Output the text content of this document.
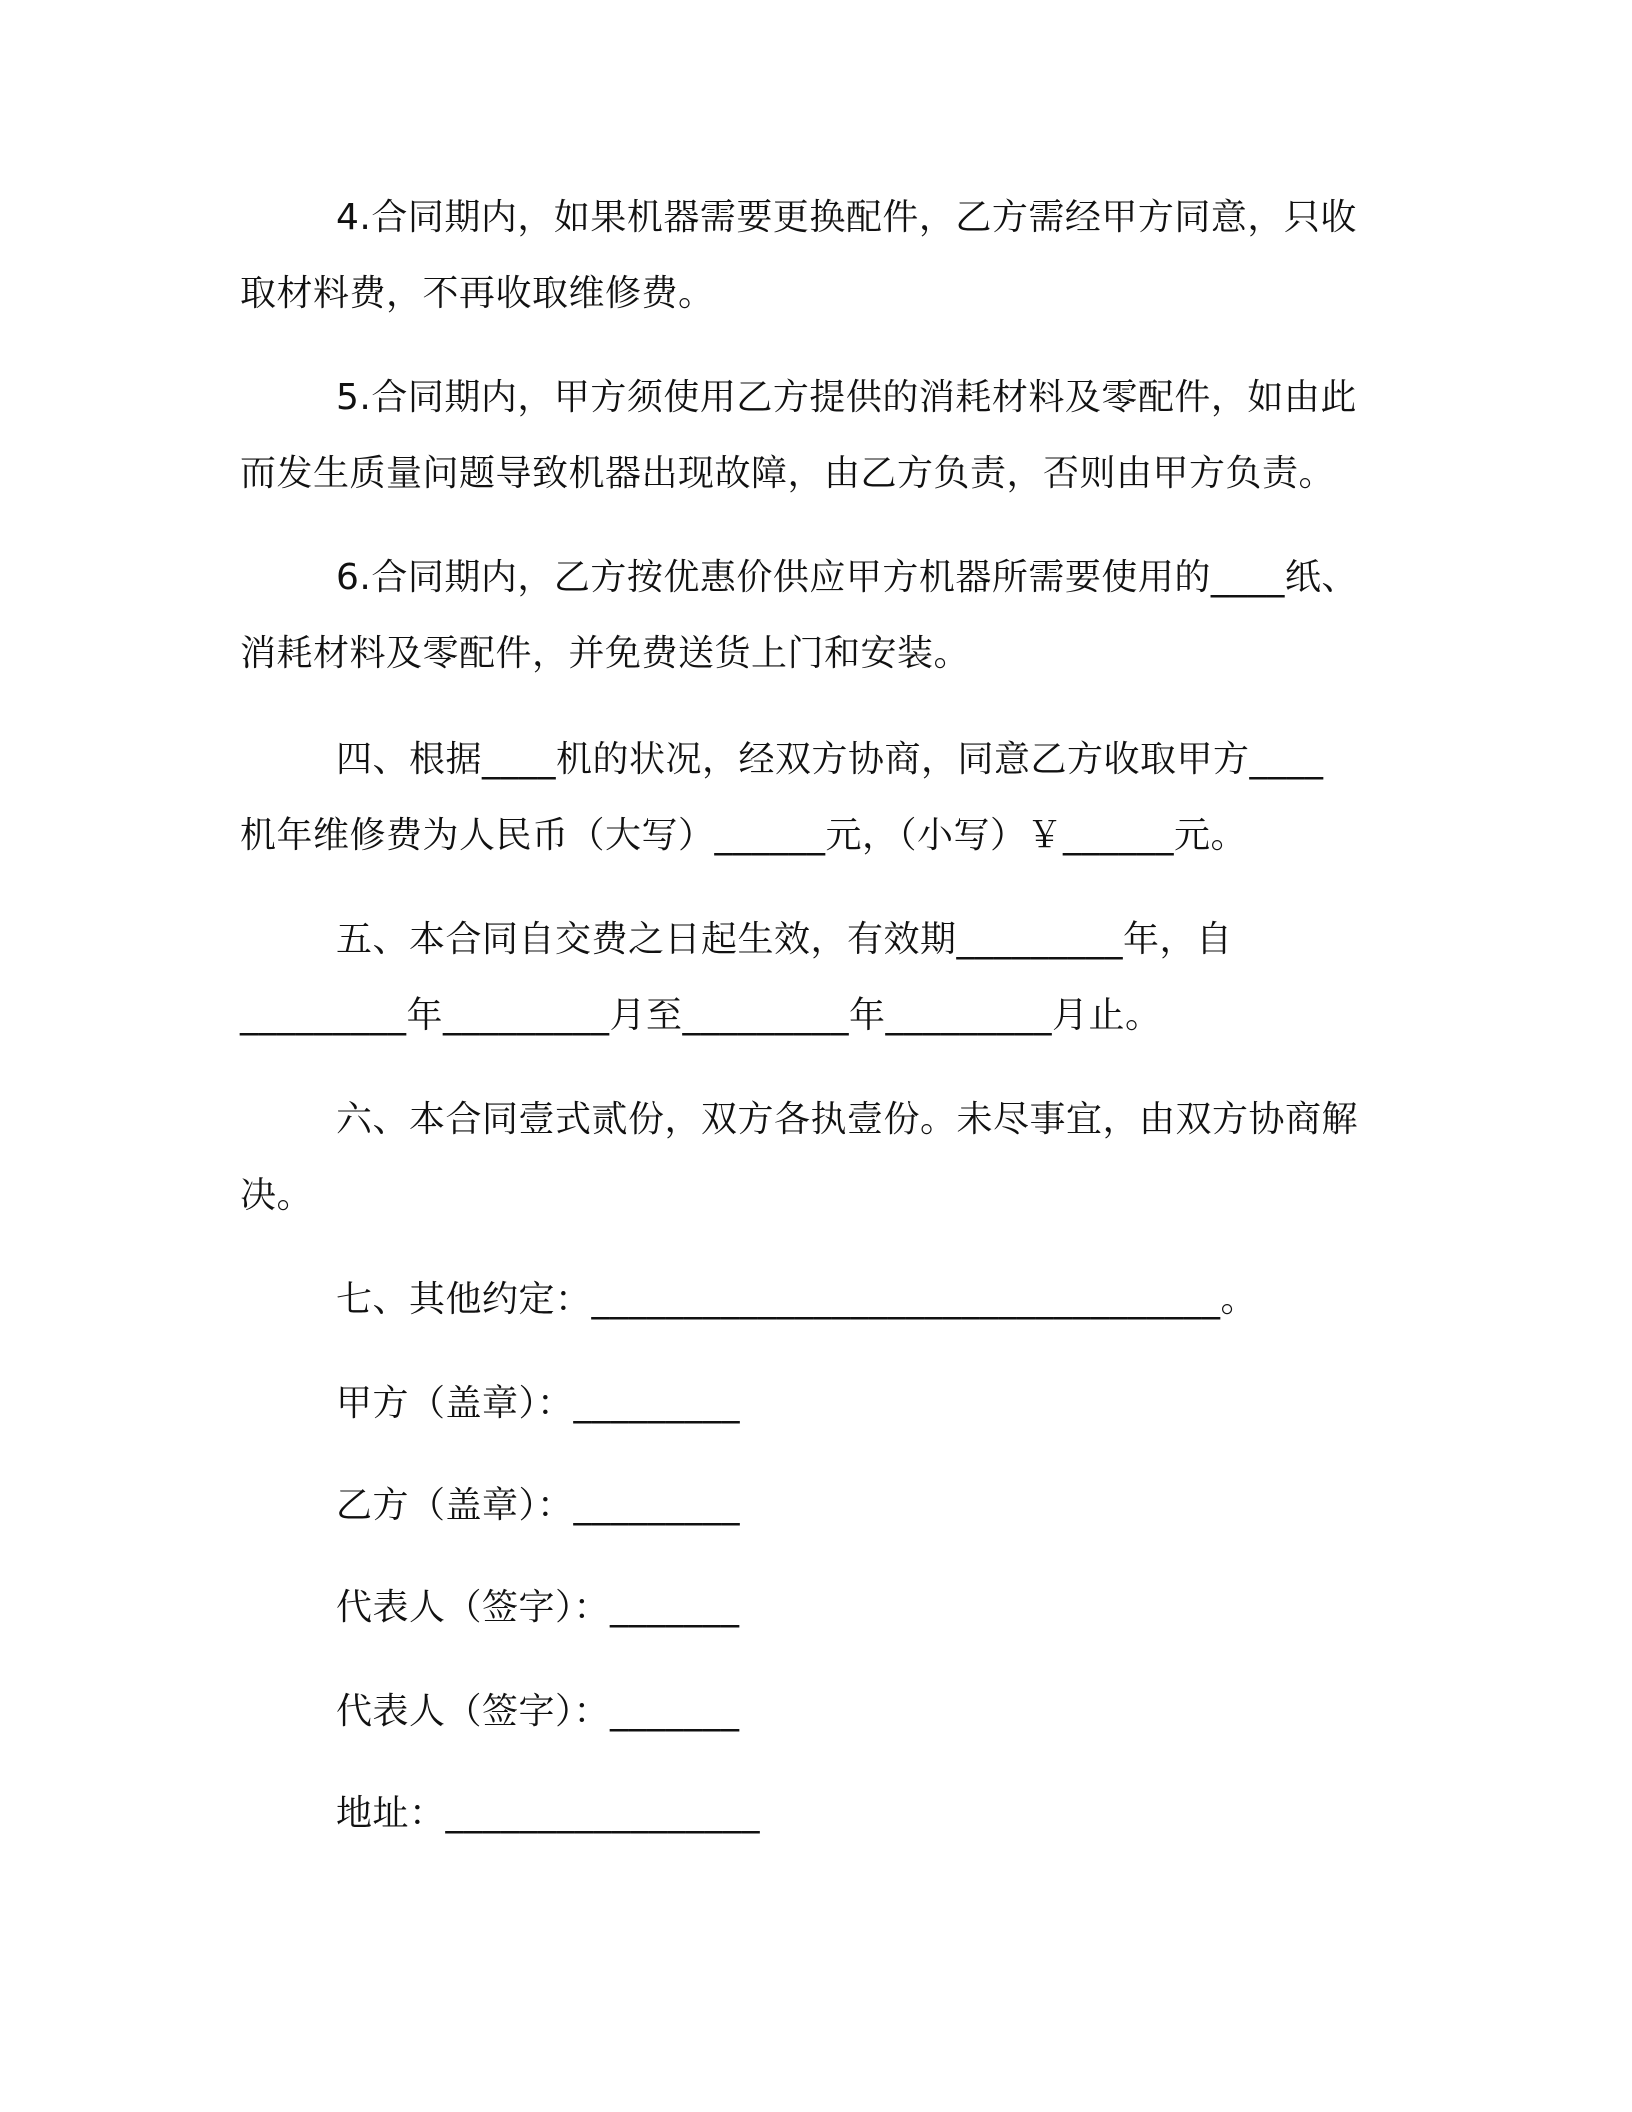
4.合同期内，如果机器需要更换配件，乙方需经甲方同意，只收
取材料费，不再收取维修费。
5.合同期内，甲方须使用乙方提供的消耗材料及零配件，如由此
而发生质量问题导致机器出现故障，由乙方负责，否则由甲方负责。
6.合同期内，乙方按优惠价供应甲方机器所需要使用的____纸、
消耗材料及零配件，并免费送货上门和安装。
四、根据____机的状况，经双方协商，同意乙方收取甲方____
机年维修费为人民币（大写）______元，（小写）￥______元。
五、本合同自交费之日起生效，有效期_________年，自
_________年_________月至_________年_________月止。
六、本合同壹式贰份，双方各执壹份。未尽事宜，由双方协商解
决。
七、其他约定：__________________________________。
甲方（盖章）：_________
乙方（盖章）：_________
代表人（签字）：_______
代表人（签字）：_______
地址：_________________
